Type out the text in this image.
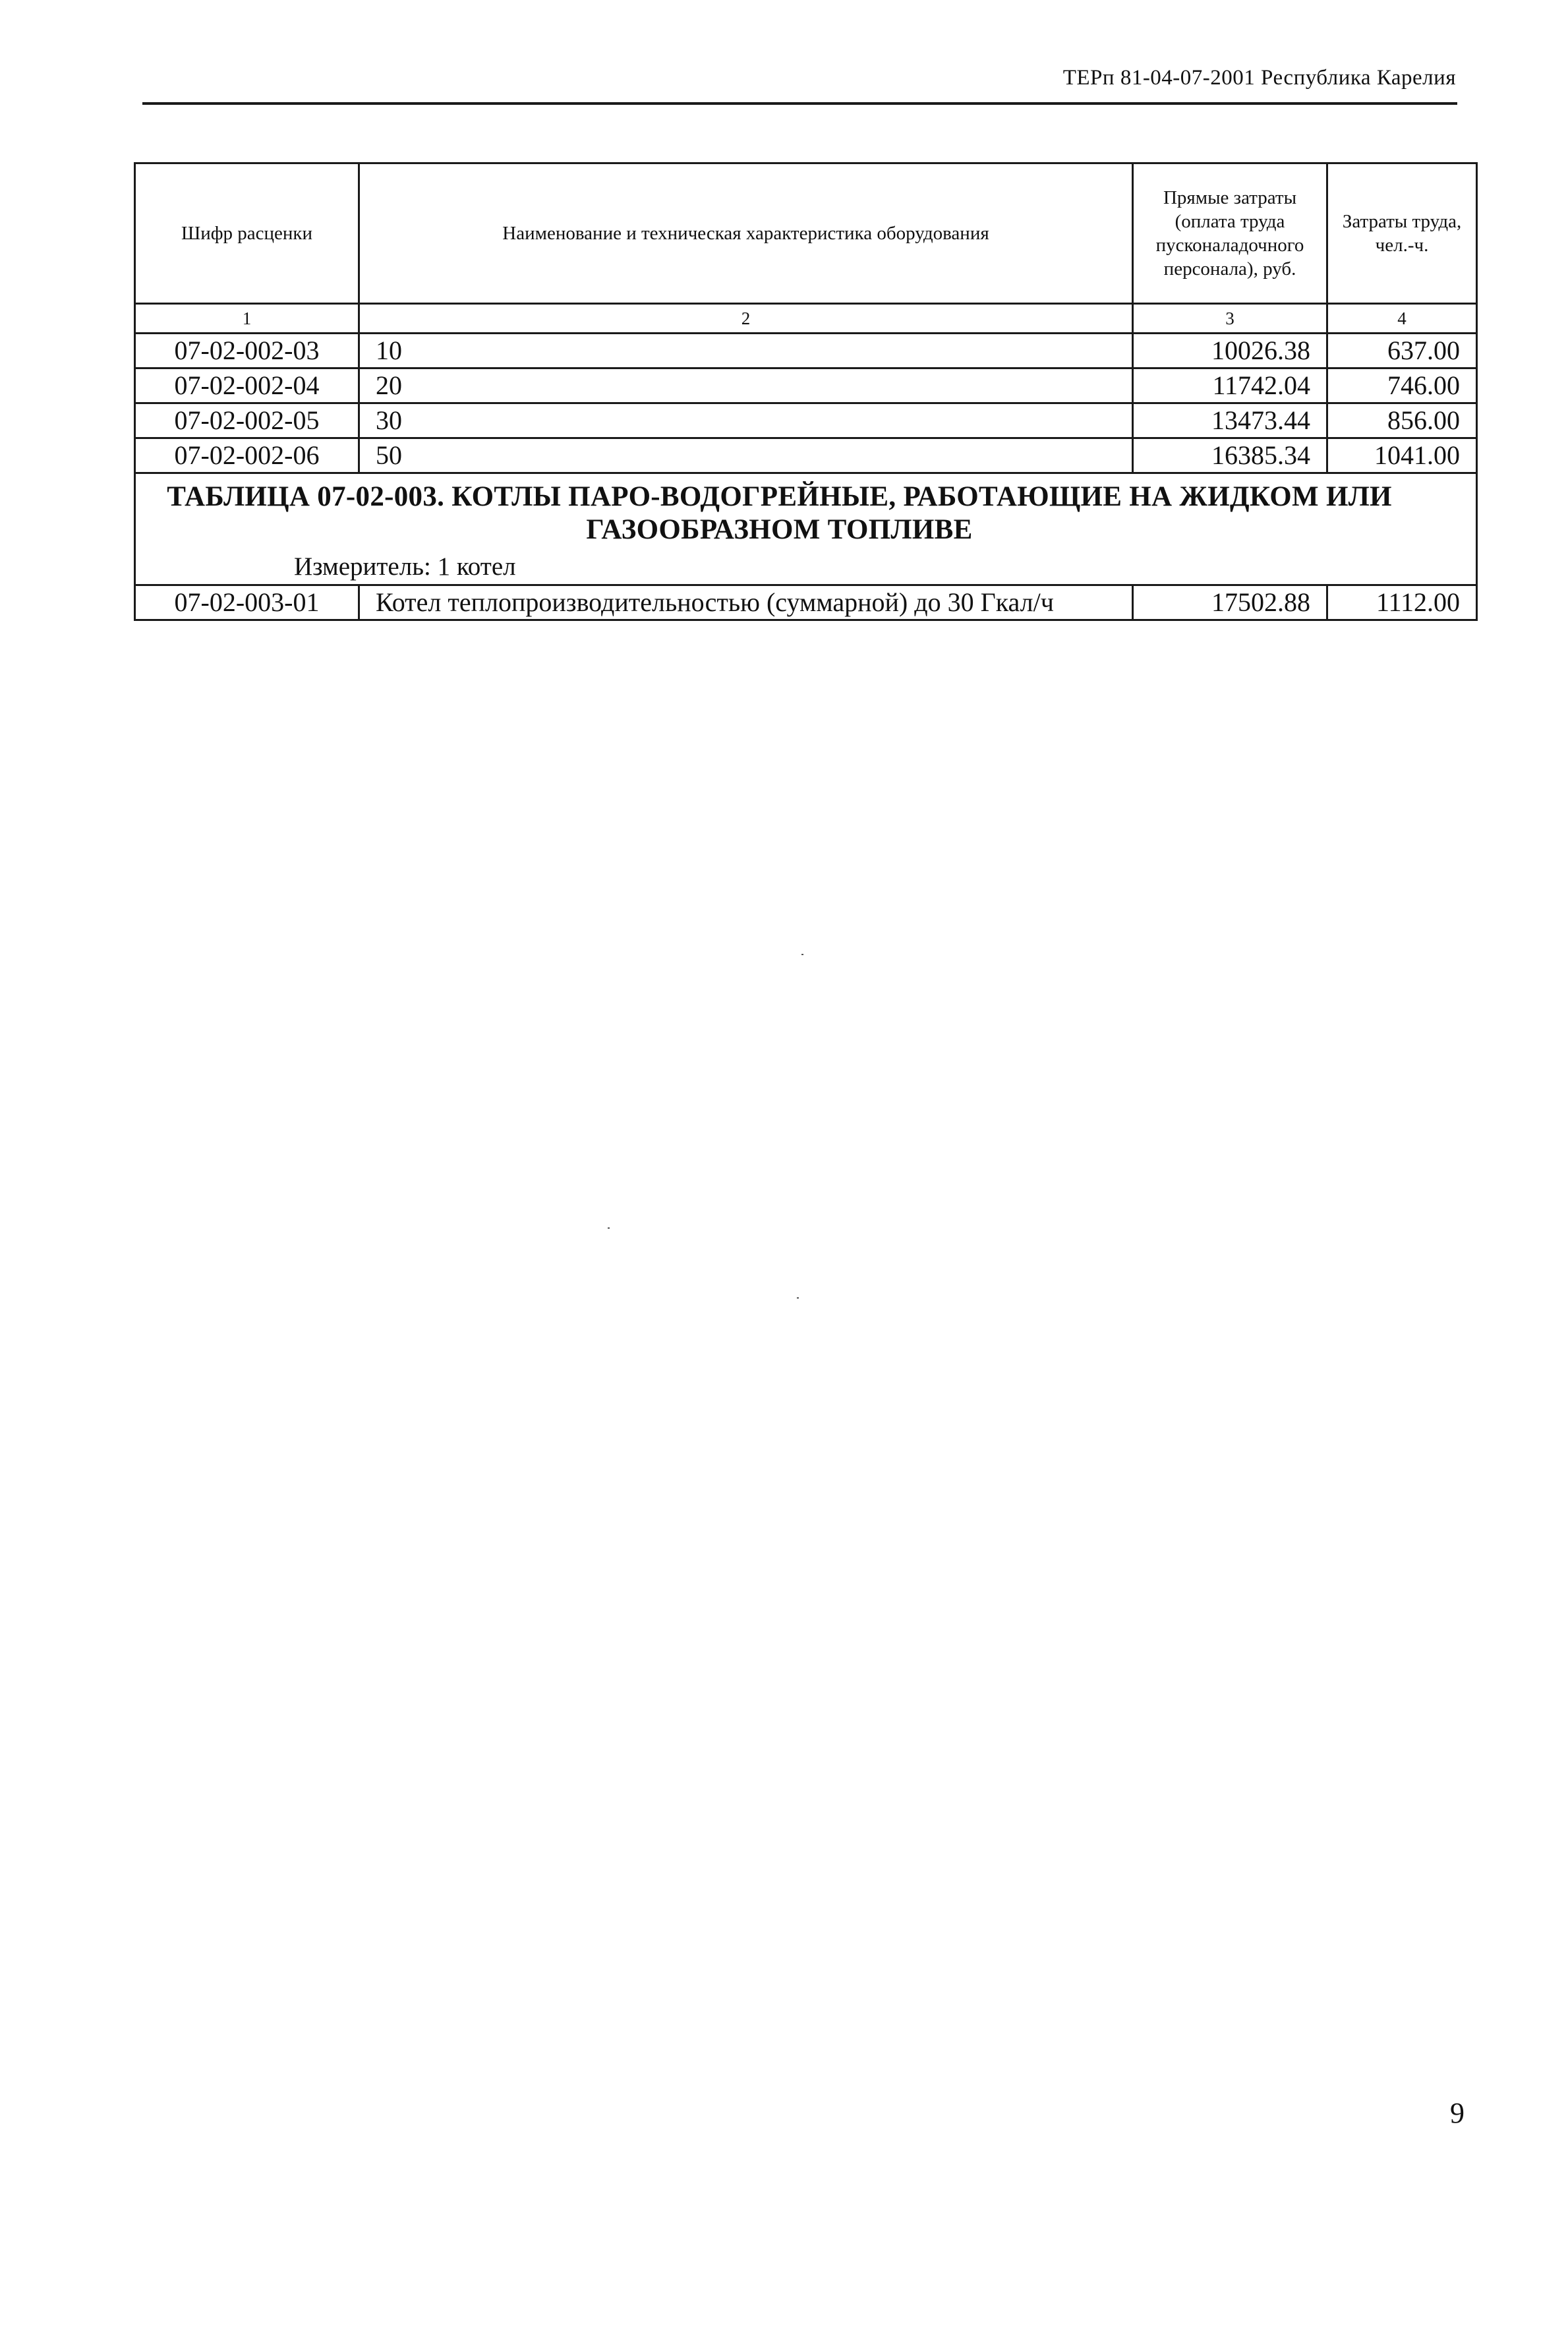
ТЕРп 81-04-07-2001 Республика Карелия
Шифр расценки	Наименование и техническая характеристика оборудования	Прямые затраты (оплата труда пусконаладочного персонала), руб.	Затраты труда, чел.-ч.
1	2	3	4
07-02-002-03	10	10026.38	637.00
07-02-002-04	20	11742.04	746.00
07-02-002-05	30	13473.44	856.00
07-02-002-06	50	16385.34	1041.00

ТАБЛИЦА 07-02-003. КОТЛЫ ПАРО-ВОДОГРЕЙНЫЕ, РАБОТАЮЩИЕ НА ЖИДКОМ ИЛИ ГАЗООБРАЗНОМ ТОПЛИВЕ
Измеритель: 1 котел			

07-02-003-01	Котел теплопроизводительностью (суммарной) до 30 Гкал/ч	17502.88	1112.00
9
